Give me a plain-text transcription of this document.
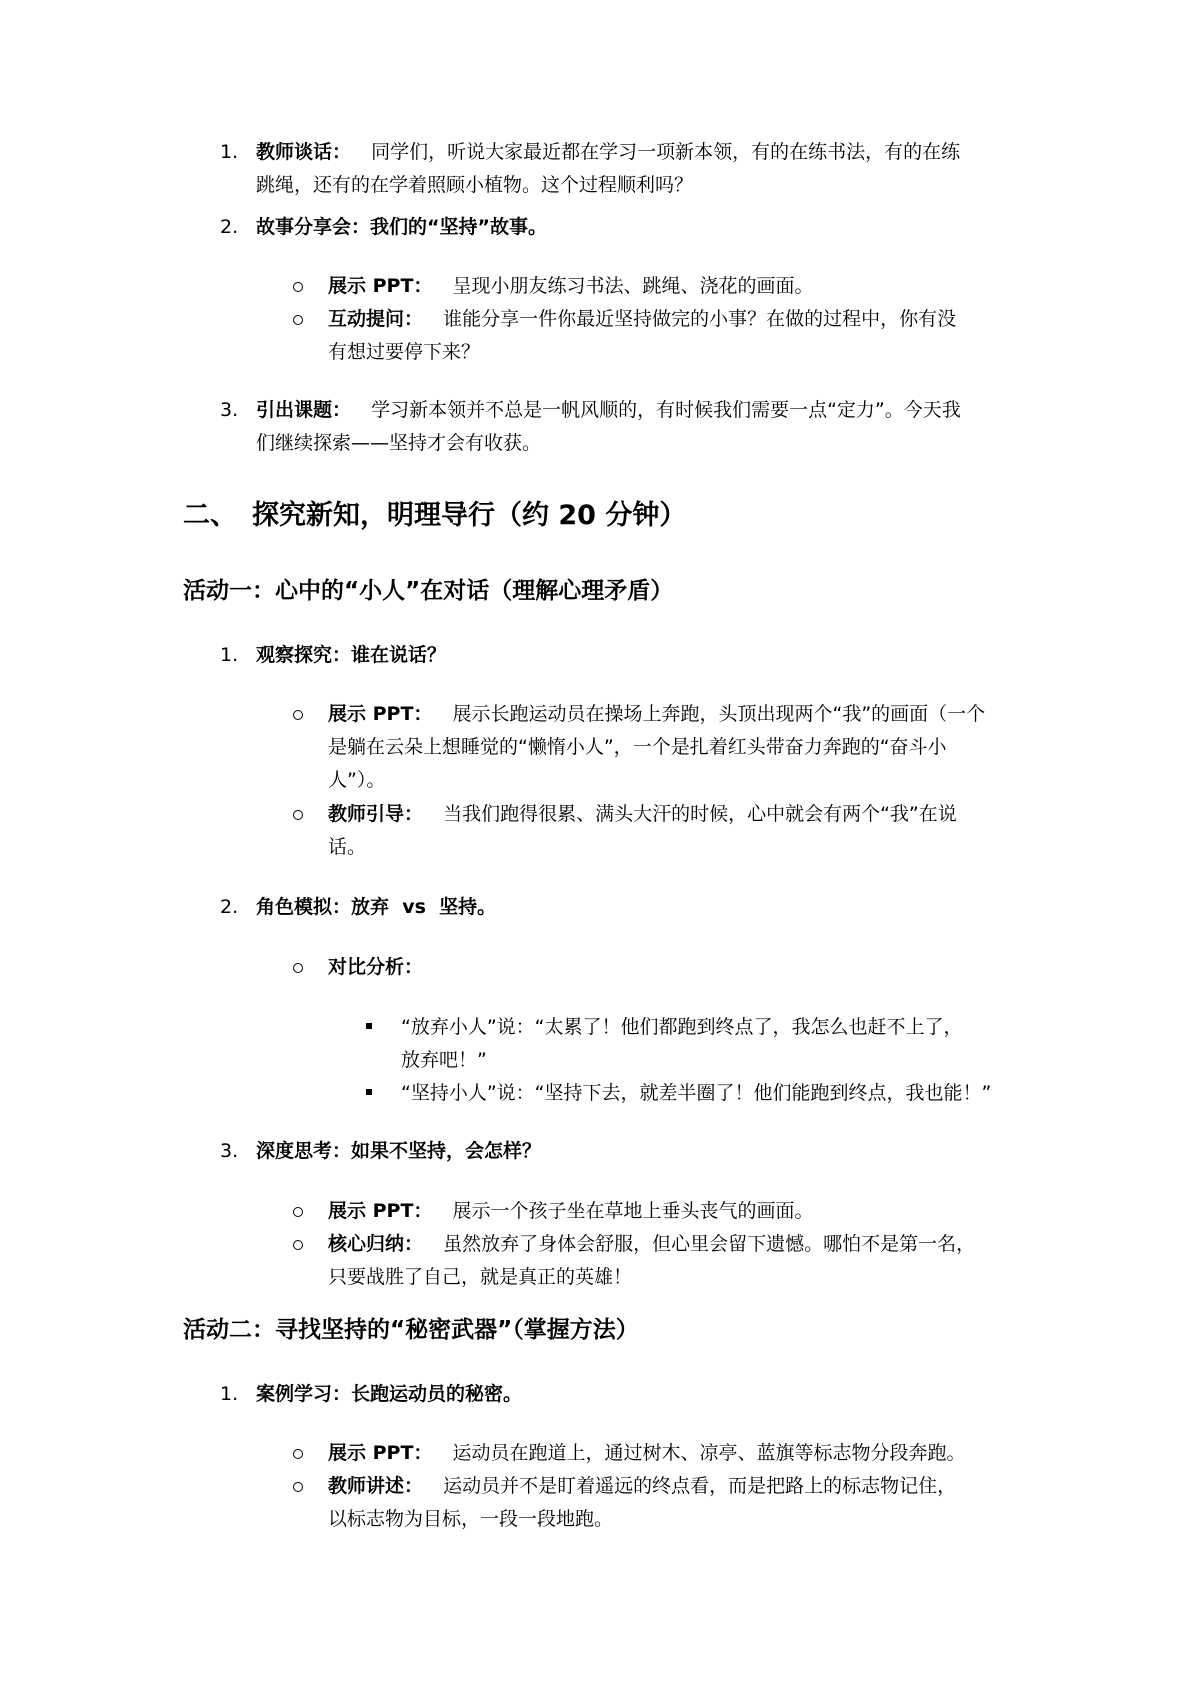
1. 教师谈话： 同学们，听说大家最近都在学习一项新本领，有的在练书法，有的在练

跳绳，还有的在学着照顾小植物。这个过程顺利吗？

2. 故事分享会：我们的“坚持”故事。

展示 PPT： 呈现小朋友练习书法、跳绳、浇花的画面。

互动提问： 谁能分享一件你最近坚持做完的小事？在做的过程中，你有没

有想过要停下来？

3. 引出课题： 学习新本领并不总是一帆风顺的，有时候我们需要一点“定力”。今天我

们继续探索——坚持才会有收获。

二、 探究新知，明理导行（约 20 分钟）
活动一：心中的“小人”在对话（理解心理矛盾）
1. 观察探究：谁在说话？

展示 PPT： 展示长跑运动员在操场上奔跑，头顶出现两个“我”的画面（一个

是躺在云朵上想睡觉的“懒惰小人”，一个是扎着红头带奋力奔跑的“奋斗小

人”）。

教师引导： 当我们跑得很累、满头大汗的时候，心中就会有两个“我”在说

话。

2. 角色模拟：放弃  vs  坚持。

对比分析：

“放弃小人”说：“太累了！他们都跑到终点了，我怎么也赶不上了，

放弃吧！”

“坚持小人”说：“坚持下去，就差半圈了！他们能跑到终点，我也能！”

3. 深度思考：如果不坚持，会怎样？

展示 PPT： 展示一个孩子坐在草地上垂头丧气的画面。

核心归纳： 虽然放弃了身体会舒服，但心里会留下遗憾。哪怕不是第一名，

只要战胜了自己，就是真正的英雄！

活动二：寻找坚持的“秘密武器”（掌握方法）
1. 案例学习：长跑运动员的秘密。

展示 PPT： 运动员在跑道上，通过树木、凉亭、蓝旗等标志物分段奔跑。

教师讲述： 运动员并不是盯着遥远的终点看，而是把路上的标志物记住，

以标志物为目标，一段一段地跑。
